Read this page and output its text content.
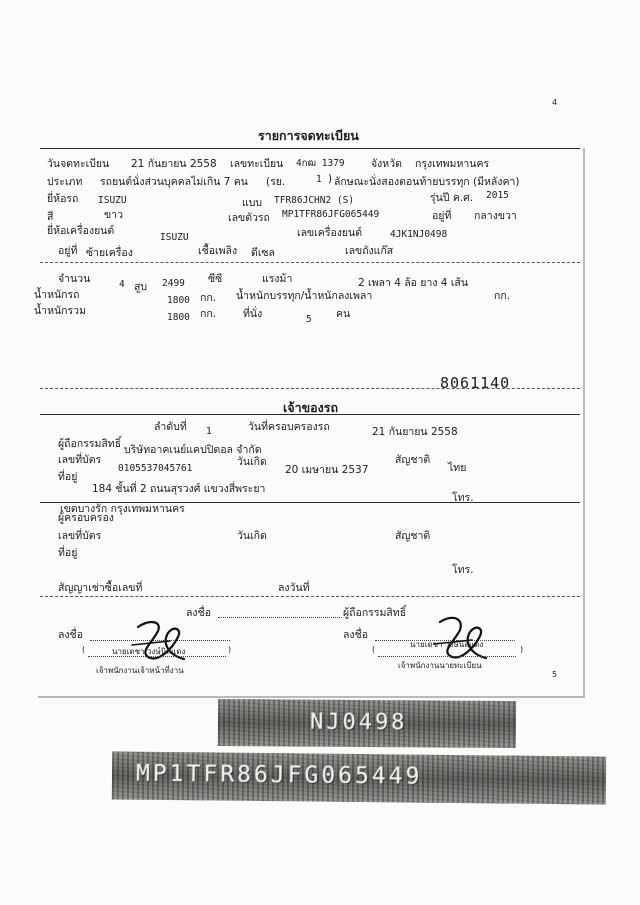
4
รายการจดทะเบียน
วันจดทะเบียน 21 กันยายน 2558 เลขทะเบียน 4กฒ 1379	จังหวัด กรุงเทพมหานคร
ประเภท รถยนต์นั่งส่วนบุคคลไม่เกิน 7 คน (รย.	1 ) ลักษณะ นั่งสองตอนท้ายบรรทุก (มีหลังคา)
ยี่ห้อรถ ISUZU	แบบ TFR86JCHN2 (S)	รุ่นปี ค.ศ. 2015
สี	ขาว	เลขตัวรถ MP1TFR86JFG065449	อยู่ที่ กลางขวา
ยี่ห้อเครื่องยนต์	เลขเครื่องยนต์
ISUZU	4JK1NJ0498
อยู่ที่ ซ้ายเครื่อง	เชื้อเพลิง ดีเซล	เลขถังแก๊ส
จำนวน	4 สูบ 2499 ซีซี	แรงม้า	2 เพลา 4 ล้อ ยาง 4 เส้น
น้ำหนักรถ	1800 กก. น้ำหนักบรรทุก/น้ำหนักลงเพลา	กก.
น้ำหนักรวม
1800 กก.	ที่นั่ง	5 คน
8061140
เจ้าของรถ
ลำดับที่ 1	วันที่ครอบครองรถ	21 กันยายน 2558
ผู้ถือกรรมสิทธิ์ บริษัทอาคเนย์แคปปิตอล จำกัด
เลขที่บัตร
0105537045761
วันเกิด
20 เมษายน 2537
สัญชาติ
ไทย
ที่อยู่
184 ชั้นที่ 2 ถนนสุรวงศ์ แขวงสี่พระยา
โทร.
เขตบางรัก กรุงเทพมหานคร
ผู้ครอบครอง
เลขที่บัตร	วันเกิด	สัญชาติ
ที่อยู่
โทร.
สัญญาเช่าซื้อเลขที่	ลงวันที่
ลงชื่อ	ผู้ถือกรรมสิทธิ์
ลงชื่อ	ลงชื่อ
(	นายเดชา วงษ์นิลแดง	)
เจ้าพนักงานเจ้าหน้าที่งาน
(
นายเดชา วงษ์นิลแดง
)
เจ้าพนักงานนายทะเบียน
5
NJ0498
MP1TFR86JFG065449
